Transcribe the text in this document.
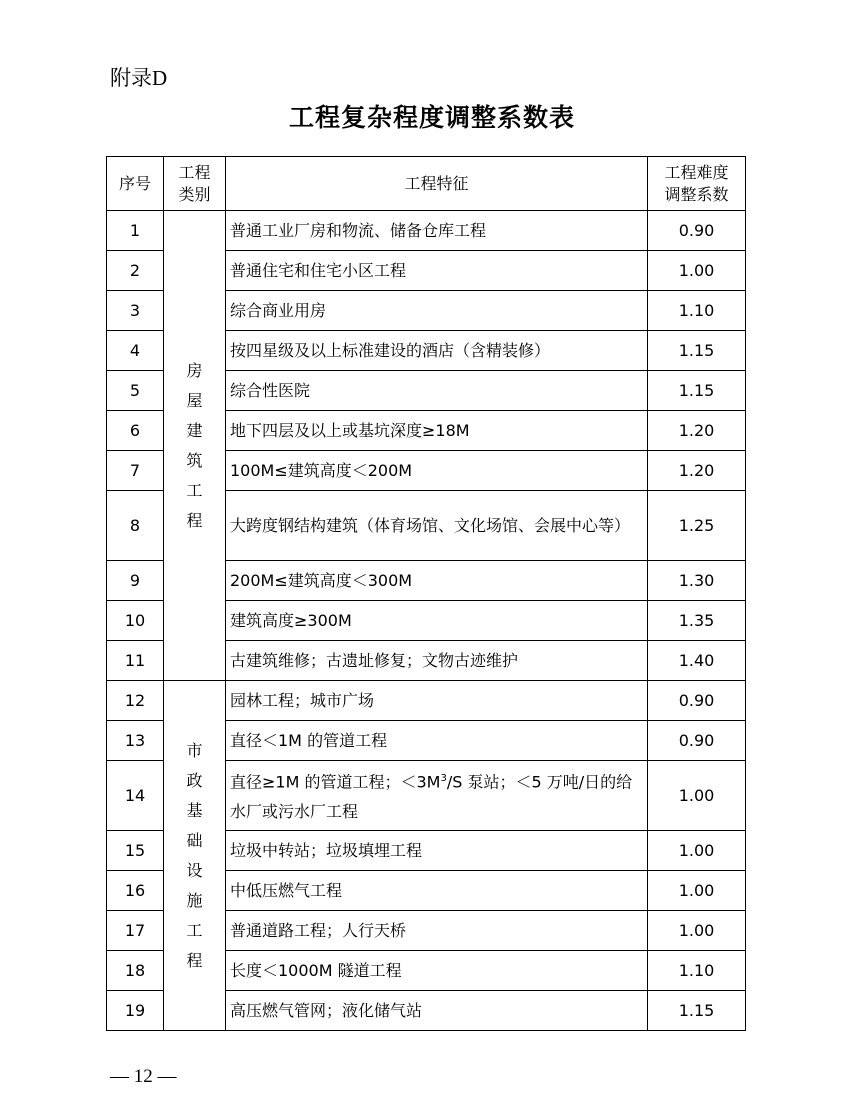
附录D
工程复杂程度调整系数表
序号	工程类别	工程特征	工程难度调整系数
1	房屋建筑工程	普通工业厂房和物流、储备仓库工程	0.90
2		普通住宅和住宅小区工程	1.00
3		综合商业用房	1.10
4		按四星级及以上标准建设的酒店（含精装修）	1.15
5		综合性医院	1.15
6		地下四层及以上或基坑深度≥18M	1.20
7		100M≤建筑高度＜200M	1.20
8		大跨度钢结构建筑（体育场馆、文化场馆、会展中心等）	1.25
9		200M≤建筑高度＜300M	1.30
10		建筑高度≥300M	1.35
11		古建筑维修；古遗址修复；文物古迹维护	1.40
12	市政基础设施工程	园林工程；城市广场	0.90
13		直径＜1M 的管道工程	0.90
14		直径≥1M 的管道工程；$<3M^3/S$ 泵站；＜5 万吨/日的给水厂或污水厂工程	1.00
15		垃圾中转站；垃圾填埋工程	1.00
16		中低压燃气工程	1.00
17		普通道路工程；人行天桥	1.00
18		长度＜1000M 隧道工程	1.10
19		高压燃气管网；液化储气站	1.15
— 12 —
